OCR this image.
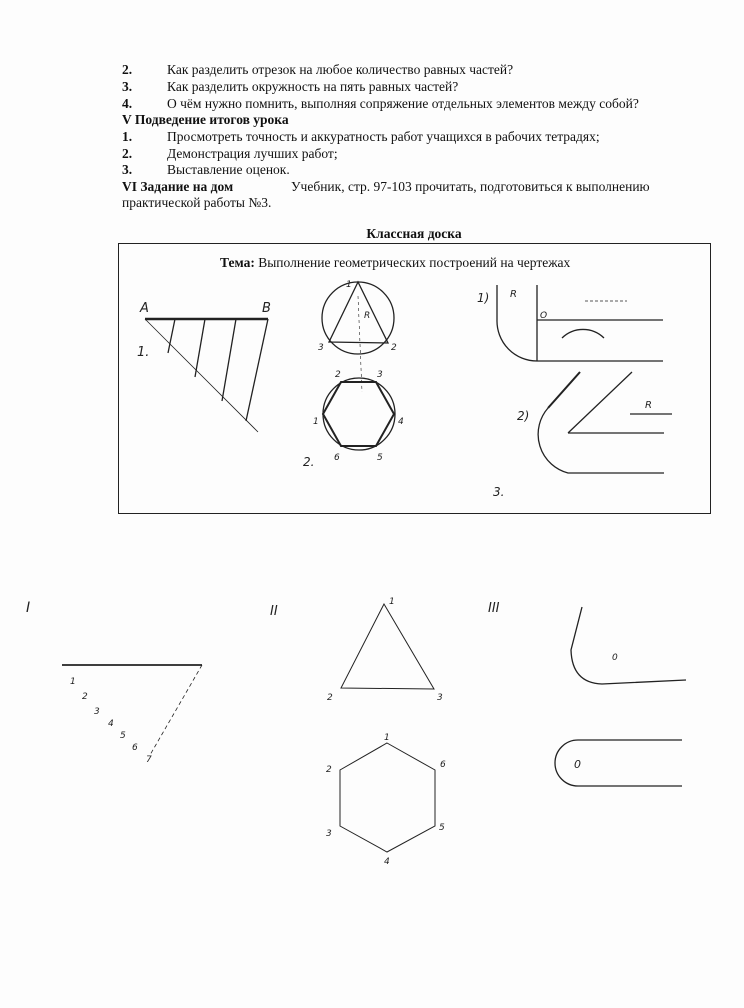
2.	Как разделить отрезок на любое количество равных частей?
3.	Как разделить окружность на пять равных частей?
4.	О чём нужно помнить, выполняя сопряжение отдельных элементов между собой?
V Подведение итогов урока
1.	Просмотреть точность и аккуратность работ учащихся в рабочих тетрадях;
2.	Демонстрация лучших работ;
3.	Выставление оценок.
VI Задание на дом	Учебник, стр. 97-103 прочитать, подготовиться к выполнению
практической работы №3.
Классная доска
Тема: Выполнение геометрических построений на чертежах
A	B
1.
1
2
3
R
2	3
4
5
6
1
2.
1)
O
R
2)
R
3.
I
1
2
3
4
5
6
7
II
1
2	3
1
2
3
4
5
6
III
0
0
